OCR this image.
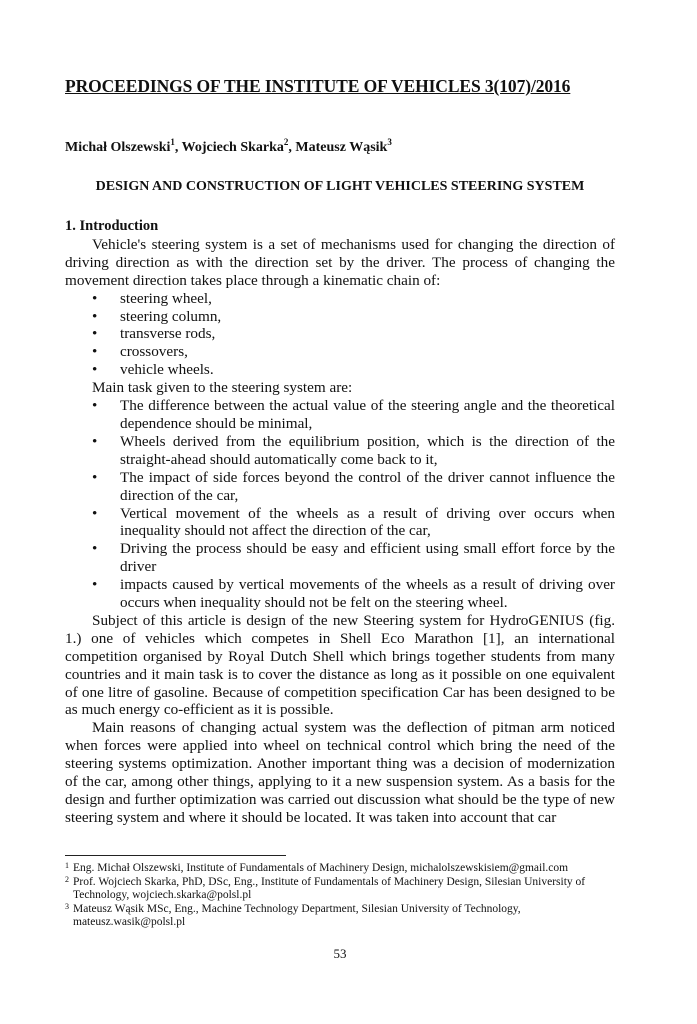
PROCEEDINGS OF THE INSTITUTE OF VEHICLES 3(107)/2016
Michał Olszewski$^1$, Wojciech Skarka$^2$, Mateusz Wąsik$^3$
DESIGN AND CONSTRUCTION OF LIGHT VEHICLES STEERING SYSTEM
1. Introduction

Vehicle's steering system is a set of mechanisms used for changing the direction of driving direction as with the direction set by the driver. The process of changing the movement direction takes place through a kinematic chain of:

• steering wheel,
• steering column,
• transverse rods,
• crossovers,
• vehicle wheels.

Main task given to the steering system are:

• The difference between the actual value of the steering angle and the theoretical dependence should be minimal,
• Wheels derived from the equilibrium position, which is the direction of the straight-ahead should automatically come back to it,
• The impact of side forces beyond the control of the driver cannot influence the direction of the car,
• Vertical movement of the wheels as a result of driving over occurs when inequality should not affect the direction of the car,
• Driving the process should be easy and efficient using small effort force by the driver
• impacts caused by vertical movements of the wheels as a result of driving over occurs when inequality should not be felt on the steering wheel.

Subject of this article is design of the new Steering system for HydroGENIUS (fig. 1.) one of vehicles which competes in Shell Eco Marathon [1], an international competition organised by Royal Dutch Shell which brings together students from many countries and it main task is to cover the distance as long as it possible on one equivalent of one litre of gasoline. Because of competition specification Car has been designed to be as much energy co-efficient as it is possible.

Main reasons of changing actual system was the deflection of pitman arm noticed when forces were applied into wheel on technical control which bring the need of the steering systems optimization. Another important thing was a decision of modernization of the car, among other things, applying to it a new suspension system. As a basis for the design and further optimization was carried out discussion what should be the type of new steering system and where it should be located. It was taken into account that car

1 Eng. Michał Olszewski, Institute of Fundamentals of Machinery Design, michalolszewskisiem@gmail.com
2 Prof. Wojciech Skarka, PhD, DSc, Eng., Institute of Fundamentals of Machinery Design, Silesian University of Technology, wojciech.skarka@polsl.pl
3 Mateusz Wąsik MSc, Eng., Machine Technology Department, Silesian University of Technology, mateusz.wasik@polsl.pl
53
